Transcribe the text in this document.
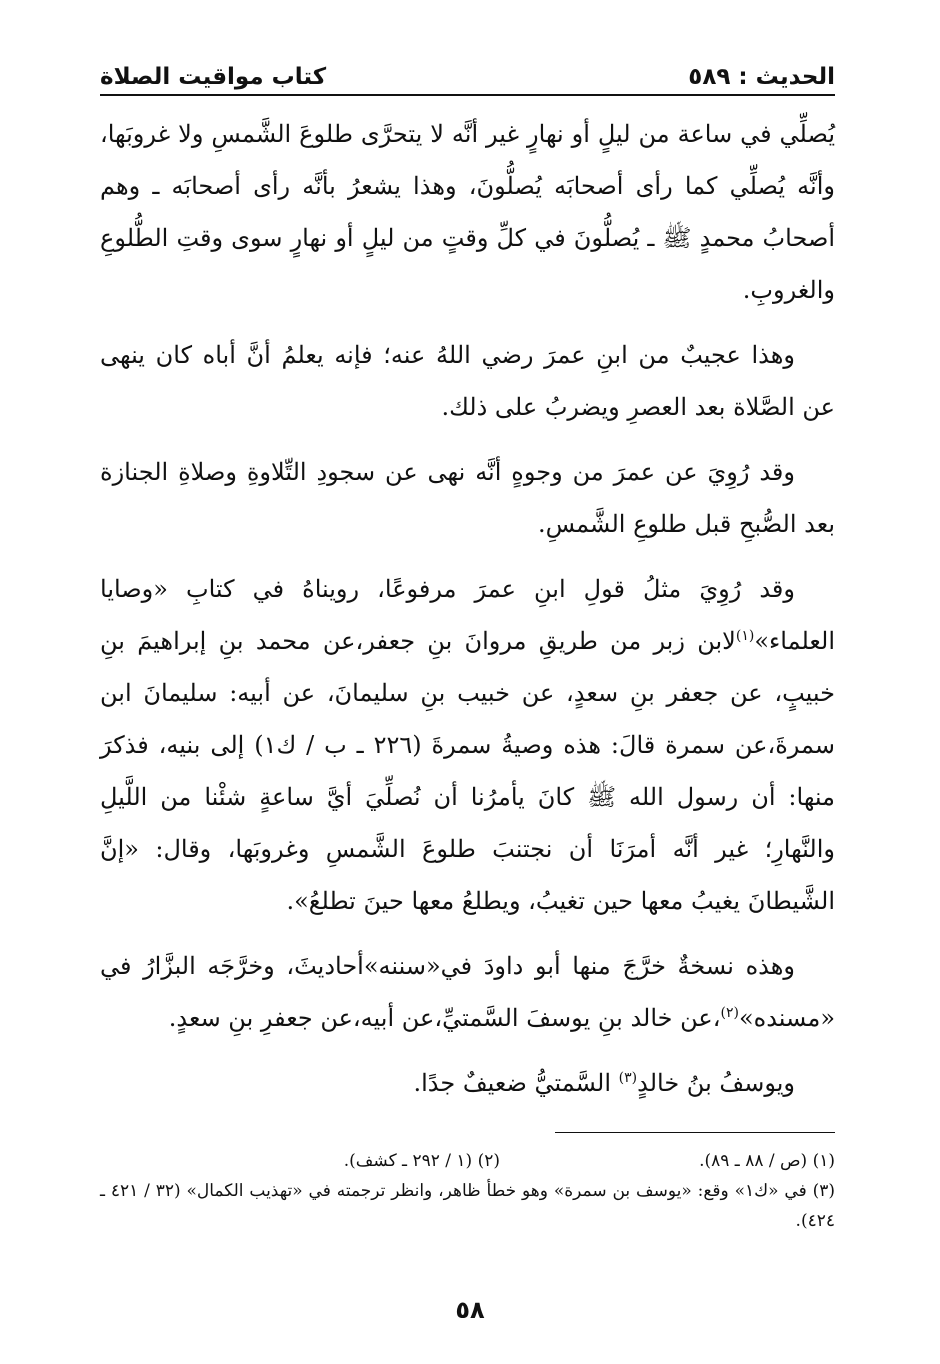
الحديث : ٥٨٩
كتاب مواقيت الصلاة

يُصلِّي في ساعة من ليلٍ أو نهارٍ غير أنَّه لا يتحرَّى طلوعَ الشَّمسِ ولا غروبَها، وأنَّه يُصلِّي كما رأى أصحابَه يُصلُّونَ، وهذا يشعرُ بأنَّه رأى أصحابَه ـ وهم أصحابُ محمدٍ ﷺ ـ يُصلُّونَ في كلِّ وقتٍ من ليلٍ أو نهارٍ سوى وقتِ الطُّلوعِ والغروبِ.

وهذا عجيبٌ من ابنِ عمرَ رضي اللهُ عنه؛ فإنه يعلمُ أنَّ أباه كان ينهى عن الصَّلاة بعد العصرِ ويضربُ على ذلك.

وقد رُوِيَ عن عمرَ من وجوهٍ أنَّه نهى عن سجودِ التِّلاوةِ وصلاةِ الجنازة بعد الصُّبحِ قبل طلوعِ الشَّمسِ.

وقد رُوِيَ مثلُ قولِ ابنِ عمرَ مرفوعًا، رويناهُ في كتابِ «وصايا العلماء»$^{(١)}$لابن زبر من طريقِ مروانَ بنِ جعفر،عن محمد بنِ إبراهيمَ بنِ خبيبٍ، عن جعفر بنِ سعدٍ، عن خبيب بنِ سليمانَ، عن أبيه: سليمانَ ابن سمرةَ،عن سمرة قالَ: هذه وصيةُ سمرةَ (٢٢٦ ـ ب / ك١) إلى بنيه، فذكرَ منها: أن رسول الله ﷺ كانَ يأمرُنا أن نُصلِّيَ أيَّ ساعةٍ شئْنا من اللَّيلِ والنَّهارِ؛ غير أنَّه أمرَنَا أن نجتنبَ طلوعَ الشَّمسِ وغروبَها، وقال: «إنَّ الشَّيطانَ يغيبُ معها حين تغيبُ، ويطلعُ معها حينَ تطلعُ».

وهذه نسخةٌ خرَّجَ منها أبو داودَ في«سننه»أحاديثَ، وخرَّجَه البزَّارُ في «مسنده»$^{(٢)}$،عن خالد بنِ يوسفَ السَّمتيِّ،عن أبيه،عن جعفرِ بنِ سعدٍ.

ويوسفُ بنُ خالدٍ$^{(٣)}$ السَّمتيُّ ضعيفٌ جدًا.

(١) (ص / ٨٨ ـ ٨٩).
(٢) (١ / ٢٩٢ ـ كشف).
(٣) في «ك١» وقع: «يوسف بن سمرة» وهو خطأ ظاهر، وانظر ترجمته في «تهذيب الكمال» (٣٢ / ٤٢١ ـ ٤٢٤).
٥٨
